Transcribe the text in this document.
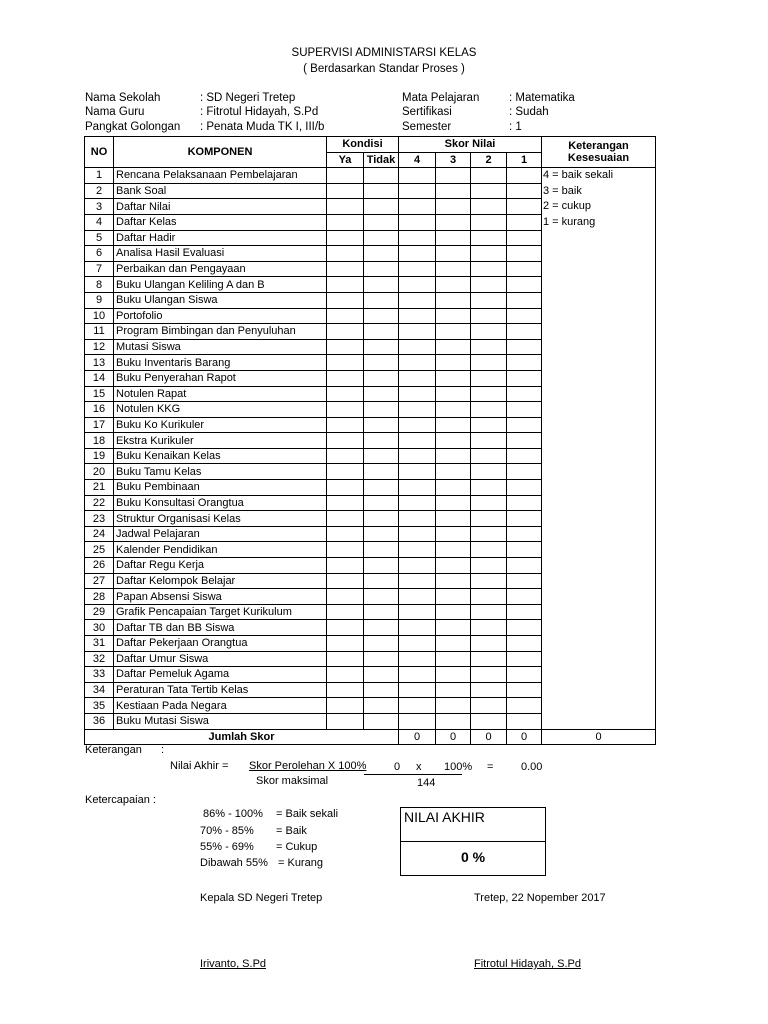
SUPERVISI ADMINISTARSI KELAS
( Berdasarkan Standar Proses )
Nama Sekolah	: SD Negeri Tretep
Nama Guru	: Fitrotul Hidayah, S.Pd
Pangkat Golongan : Penata Muda TK I, III/b
Mata Pelajaran	: Matematika
Sertifikasi	: Sudah
Semester	: 1
NO	KOMPONEN	Kondisi		Skor Nilai				Keterangan Kesesuaian
		Ya	Tidak	4	3	2	1	
1	Rencana Pelaksanaan Pembelajaran							4 = baik sekali
3 = baik
2 = cukup
1 = kurang

2	Bank Soal							
3	Daftar Nilai							
4	Daftar Kelas							
5	Daftar Hadir							
6	Analisa Hasil Evaluasi							
7	Perbaikan dan Pengayaan							
8	Buku Ulangan Keliling A dan B							
9	Buku Ulangan Siswa							
10	Portofolio							
11	Program Bimbingan dan Penyuluhan							
12	Mutasi Siswa							
13	Buku Inventaris Barang							
14	Buku Penyerahan Rapot							
15	Notulen Rapat							
16	Notulen KKG							
17	Buku Ko Kurikuler							
18	Ekstra Kurikuler							
19	Buku Kenaikan Kelas							
20	Buku Tamu Kelas							
21	Buku Pembinaan							
22	Buku Konsultasi Orangtua							
23	Struktur Organisasi Kelas							
24	Jadwal Pelajaran							
25	Kalender Pendidikan							
26	Daftar Regu Kerja							
27	Daftar Kelompok Belajar							
28	Papan Absensi Siswa							
29	Grafik Pencapaian Target Kurikulum							
30	Daftar TB dan BB Siswa							
31	Daftar Pekerjaan Orangtua							
32	Daftar Umur Siswa							
33	Daftar Pemeluk Agama							
34	Peraturan Tata Tertib Kelas							
35	Kestiaan Pada Negara							
36	Buku Mutasi Siswa							
Jumlah Skor				0	0	0	0	0
Keterangan :
Nilai Akhir = Skor Perolehan X 100%
Skor maksimal
0 x 100% =	0.00
144
Ketercapaian :
86% - 100% = Baik sekali
70% - 85% = Baik
55% - 69% = Cukup
Dibawah 55% = Kurang
NILAI AKHIR
0 %
Kepala SD Negeri Tretep	Tretep, 22 Nopember 2017
Irivanto, S.Pd	Fitrotul Hidayah, S.Pd
